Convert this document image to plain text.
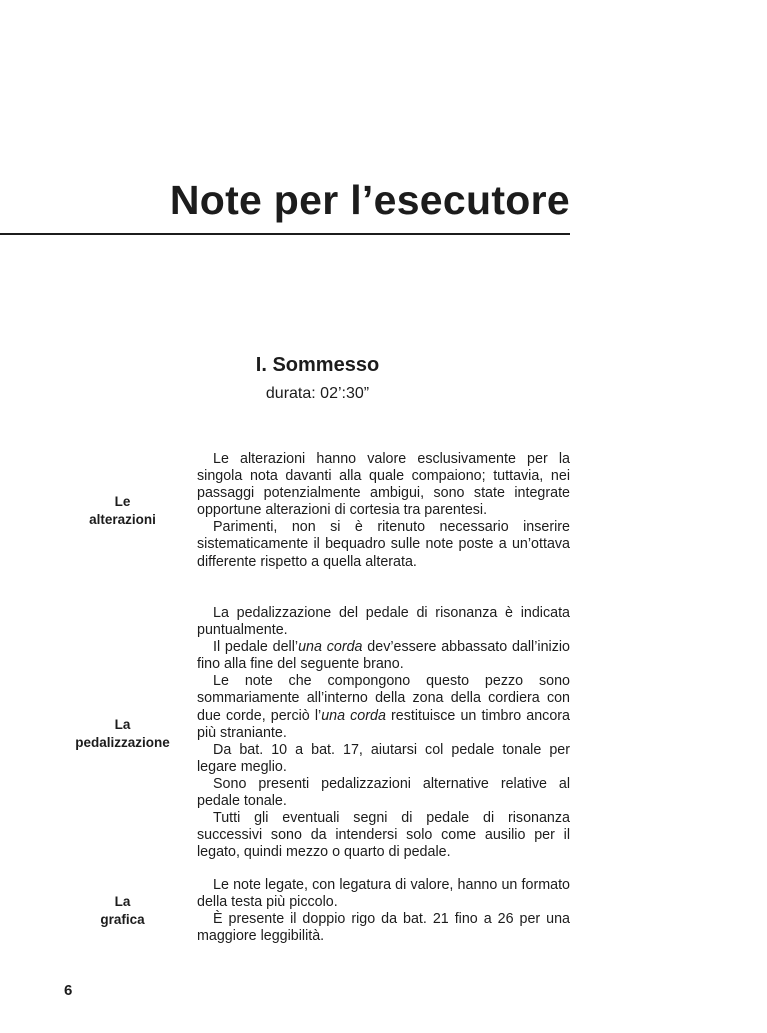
Note per l’esecutore
I. Sommesso
durata: 02’:30”
Le
alterazioni

Le alterazioni hanno valore esclusivamente per la singola nota davanti alla quale compaiono; tuttavia, nei passaggi potenzialmente ambigui, sono state integrate opportune alterazioni di cortesia tra parentesi.

Parimenti, non si è ritenuto necessario inserire sistematicamente il bequadro sulle note poste a un’ottava differente rispetto a quella alterata.

La
pedalizzazione

La pedalizzazione del pedale di risonanza è indicata puntualmente.

Il pedale dell’una corda dev’essere abbassato dall’inizio fino alla fine del seguente brano.

Le note che compongono questo pezzo sono sommariamente all’interno della zona della cordiera con due corde, perciò l’una corda restituisce un timbro ancora più straniante.

Da bat. 10 a bat. 17, aiutarsi col pedale tonale per legare meglio.

Sono presenti pedalizzazioni alternative relative al pedale tonale.

Tutti gli eventuali segni di pedale di risonanza successivi sono da intendersi solo come ausilio per il legato, quindi mezzo o quarto di pedale.

La
grafica

Le note legate, con legatura di valore, hanno un formato della testa più piccolo.

È presente il doppio rigo da bat. 21 fino a 26 per una maggiore leggibilità.

6
